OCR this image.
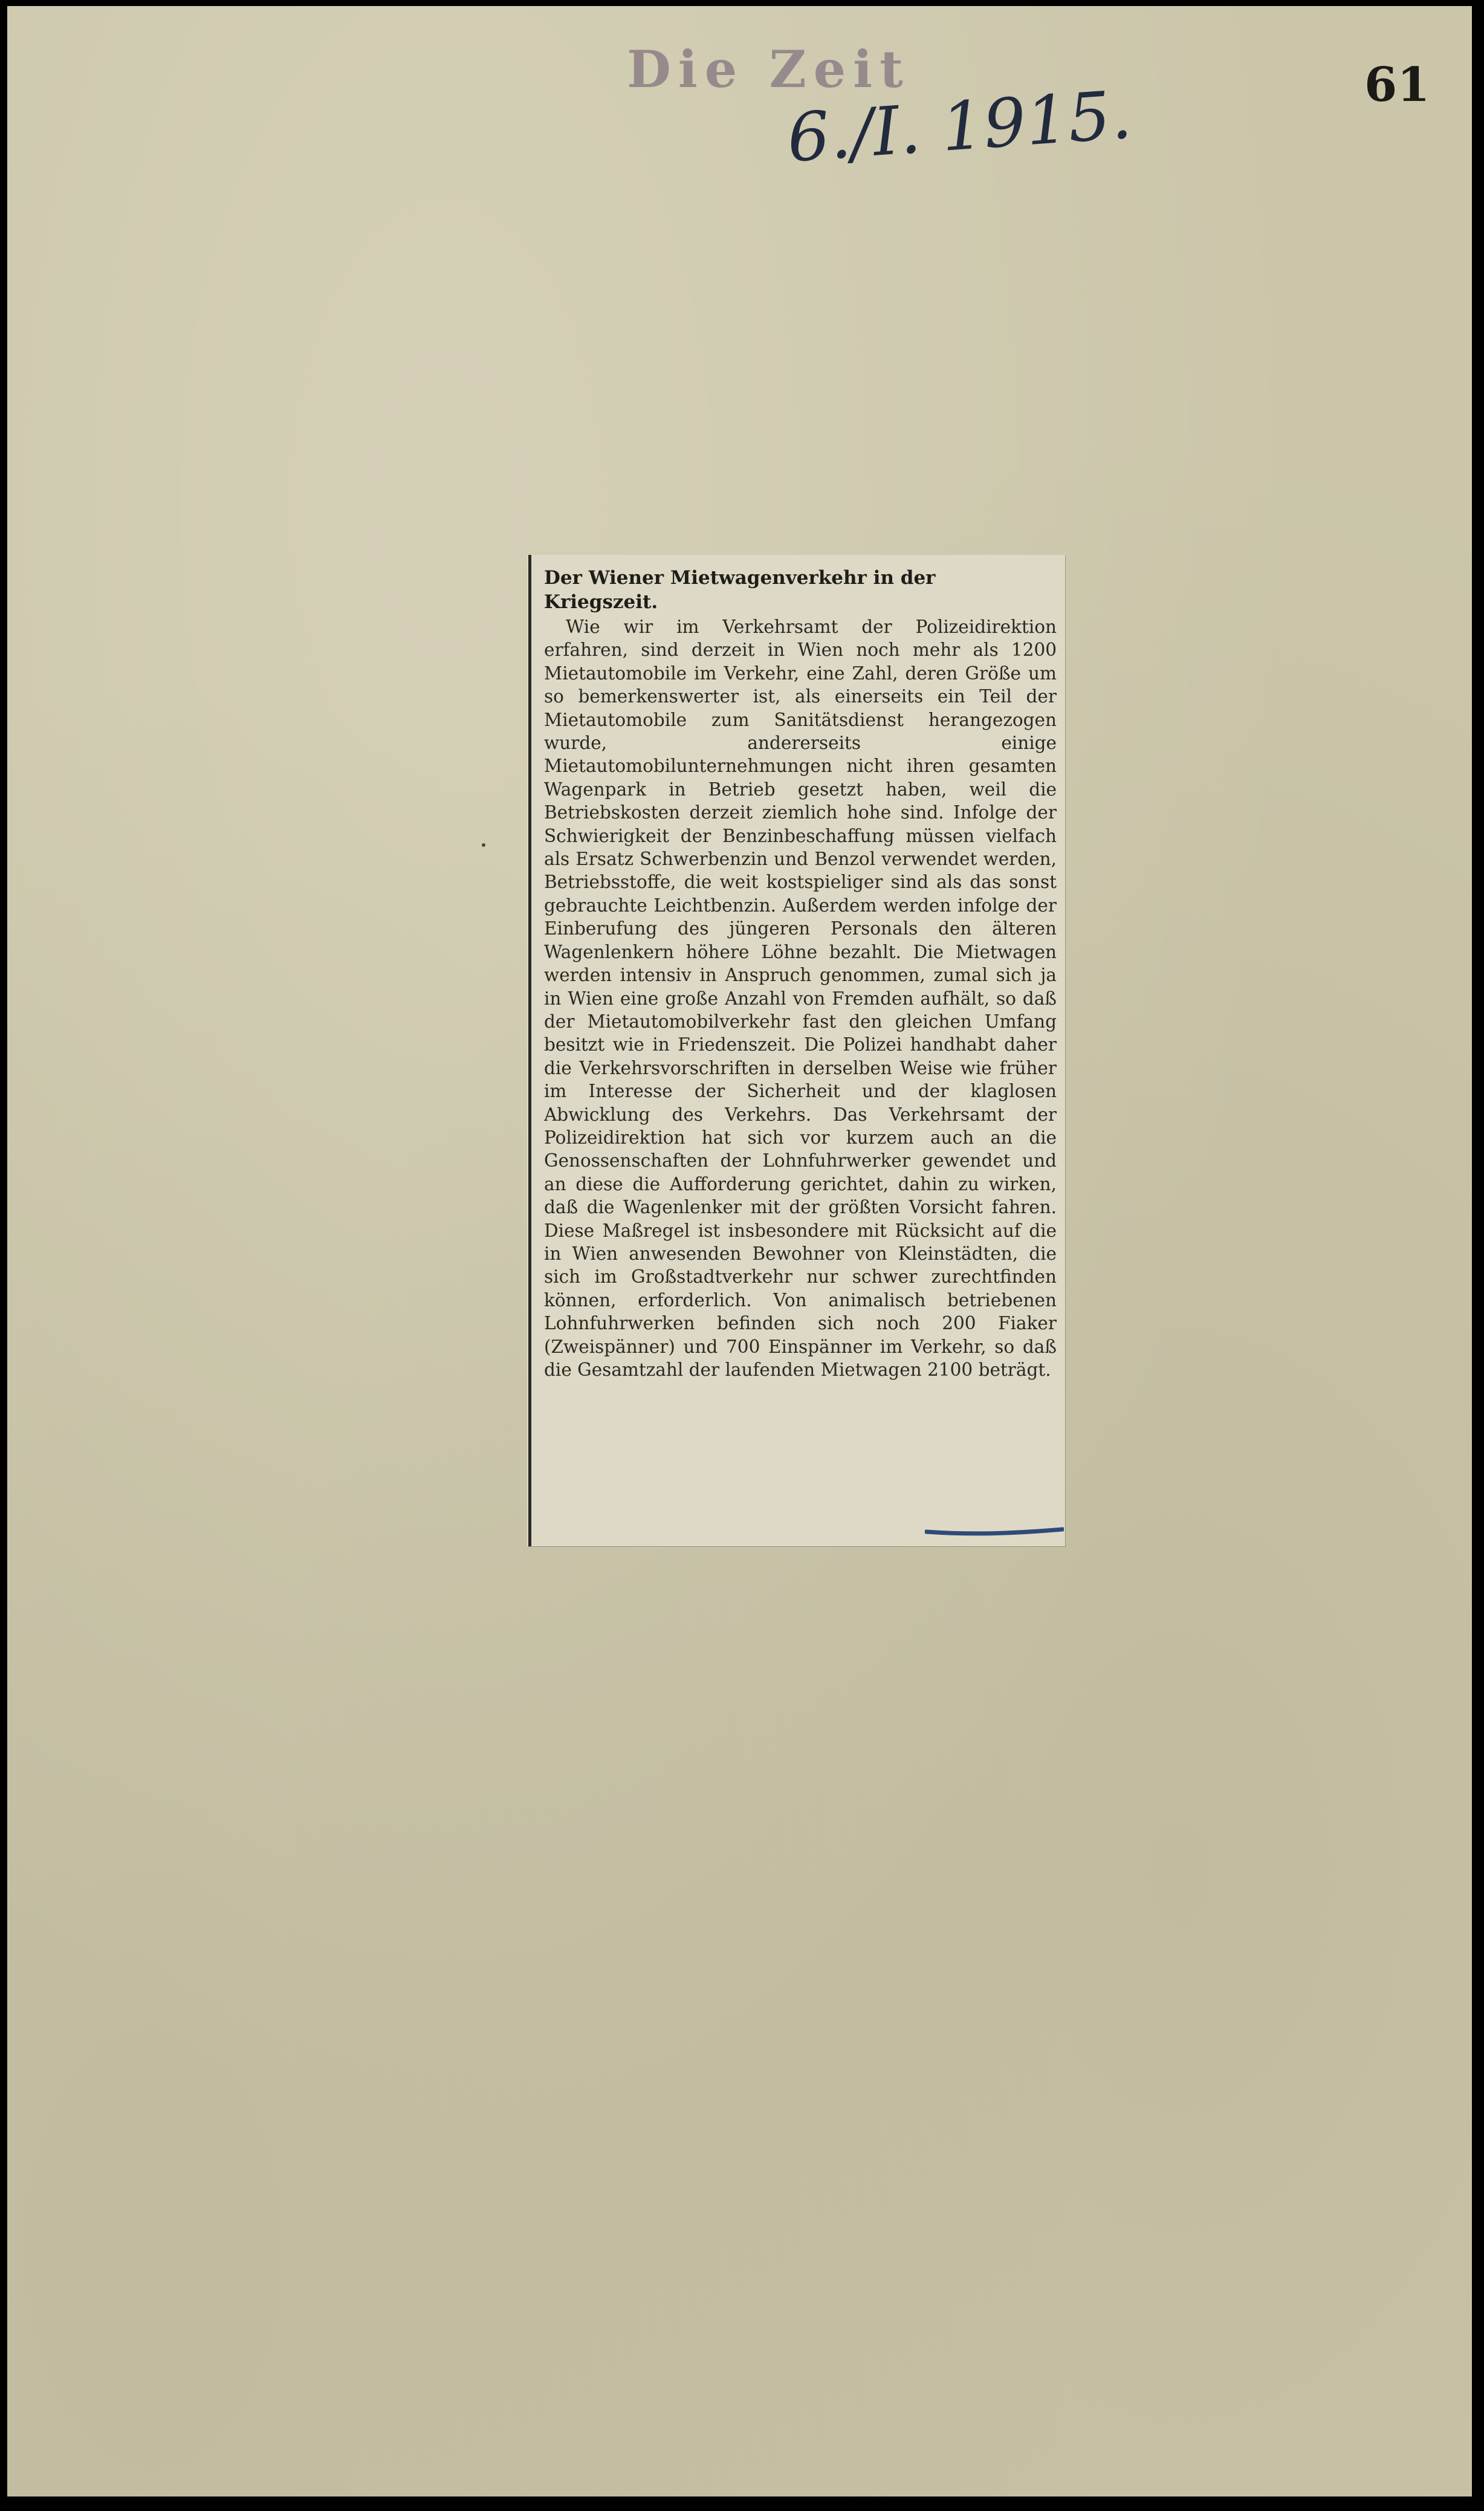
Die Zeit
6./I. 1915.	61
Der Wiener Mietwagenverkehr in der Kriegszeit.

Wie wir im Verkehrsamt der Polizeidirektion erfahren, sind derzeit in Wien noch mehr als 1200 Mietautomobile im Verkehr, eine Zahl, deren Größe um so bemerkenswerter ist, als einerseits ein Teil der Mietautomobile zum Sanitätsdienst herangezogen wurde, andererseits einige Mietautomobilunternehmungen nicht ihren gesamten Wagenpark in Betrieb gesetzt haben, weil die Betriebskosten derzeit ziemlich hohe sind. Infolge der Schwierigkeit der Benzinbeschaffung müssen vielfach als Ersatz Schwerbenzin und Benzol verwendet werden, Betriebsstoffe, die weit kostspieliger sind als das sonst gebrauchte Leichtbenzin. Außerdem werden infolge der Einberufung des jüngeren Personals den älteren Wagenlenkern höhere Löhne bezahlt. Die Mietwagen werden intensiv in Anspruch genommen, zumal sich ja in Wien eine große Anzahl von Fremden aufhält, so daß der Mietautomobilverkehr fast den gleichen Umfang besitzt wie in Friedenszeit. Die Polizei handhabt daher die Verkehrsvorschriften in derselben Weise wie früher im Interesse der Sicherheit und der klaglosen Abwicklung des Verkehrs. Das Verkehrsamt der Polizeidirektion hat sich vor kurzem auch an die Genossenschaften der Lohnfuhrwerker gewendet und an diese die Aufforderung gerichtet, dahin zu wirken, daß die Wagenlenker mit der größten Vorsicht fahren. Diese Maßregel ist insbesondere mit Rücksicht auf die in Wien anwesenden Bewohner von Kleinstädten, die sich im Großstadtverkehr nur schwer zurechtfinden können, erforderlich. Von animalisch betriebenen Lohnfuhrwerken befinden sich noch 200 Fiaker (Zweispänner) und 700 Einspänner im Verkehr, so daß die Gesamtzahl der laufenden Mietwagen 2100 beträgt.
